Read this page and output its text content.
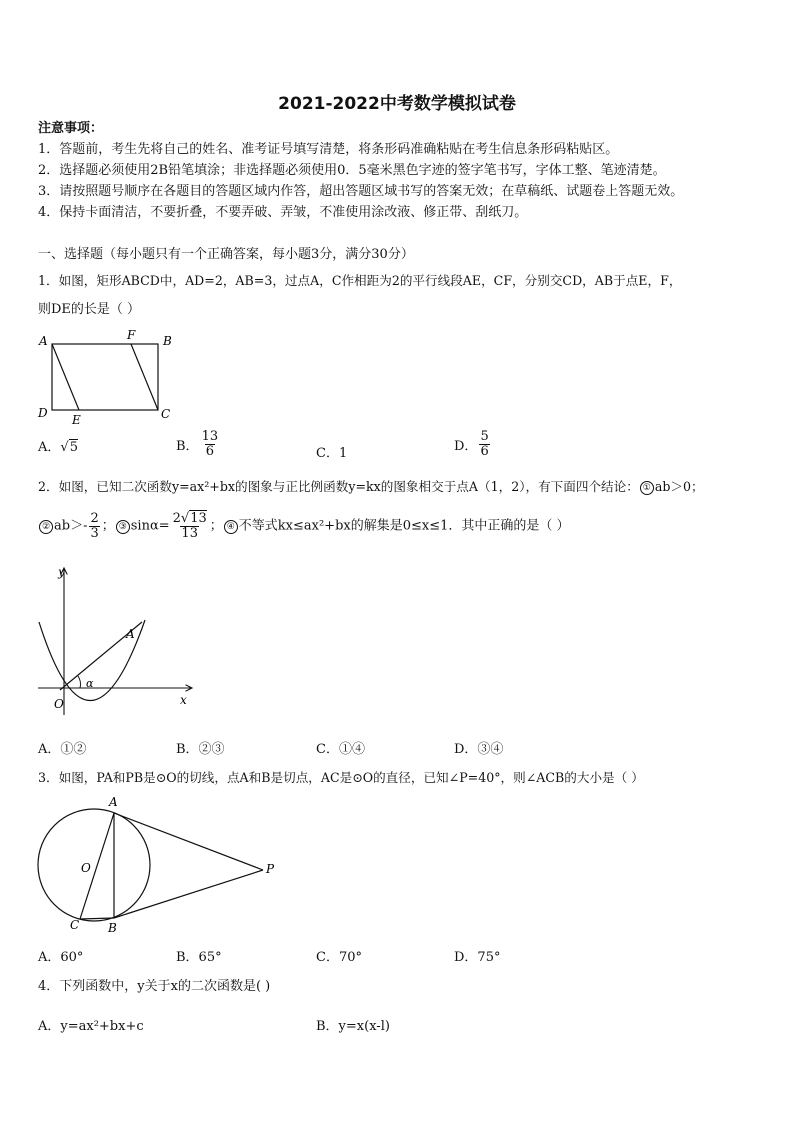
2021-2022中考数学模拟试卷
注意事项：
1．答题前，考生先将自己的姓名、准考证号填写清楚，将条形码准确粘贴在考生信息条形码粘贴区。
2．选择题必须使用2B铅笔填涂；非选择题必须使用0．5毫米黑色字迹的签字笔书写，字体工整、笔迹清楚。
3．请按照题号顺序在各题目的答题区域内作答，超出答题区域书写的答案无效；在草稿纸、试题卷上答题无效。
4．保持卡面清洁，不要折叠，不要弄破、弄皱，不准使用涂改液、修正带、刮纸刀。
一、选择题（每小题只有一个正确答案，每小题3分，满分30分）
1．如图，矩形ABCD中，AD=2，AB=3，过点A，C作相距为2的平行线段AE，CF，分别交CD，AB于点E，F，
则DE的长是（ ）
A	B
C
D E
F
A．√5	B． $\frac{13}{6}$	C．1	D． $\frac{5}{6}$
2．如图，已知二次函数y=ax²+bx的图象与正比例函数y=kx的图象相交于点A（1，2），有下面四个结论： ① ab＞0；
② $ab>- \frac{2}{3}$ ； ③ $\sin\alpha= \frac{2√13}{13}$ ； ④ 不等式kx≤ax²+bx的解集是0≤x≤1．其中正确的是（ ）
y
x
O
A
α
A．①②	B．②③	C．①④	D．③④
3．如图，PA和PB是⊙O的切线，点A和B是切点，AC是⊙O的直径，已知∠P=40°，则∠ACB的大小是（ ）
A
B
C
O	P
A．60°	B．65°	C．70°	D．75°
4．下列函数中，y关于x的二次函数是( )
A．y=ax²+bx+c	B．y=x(x-l)
